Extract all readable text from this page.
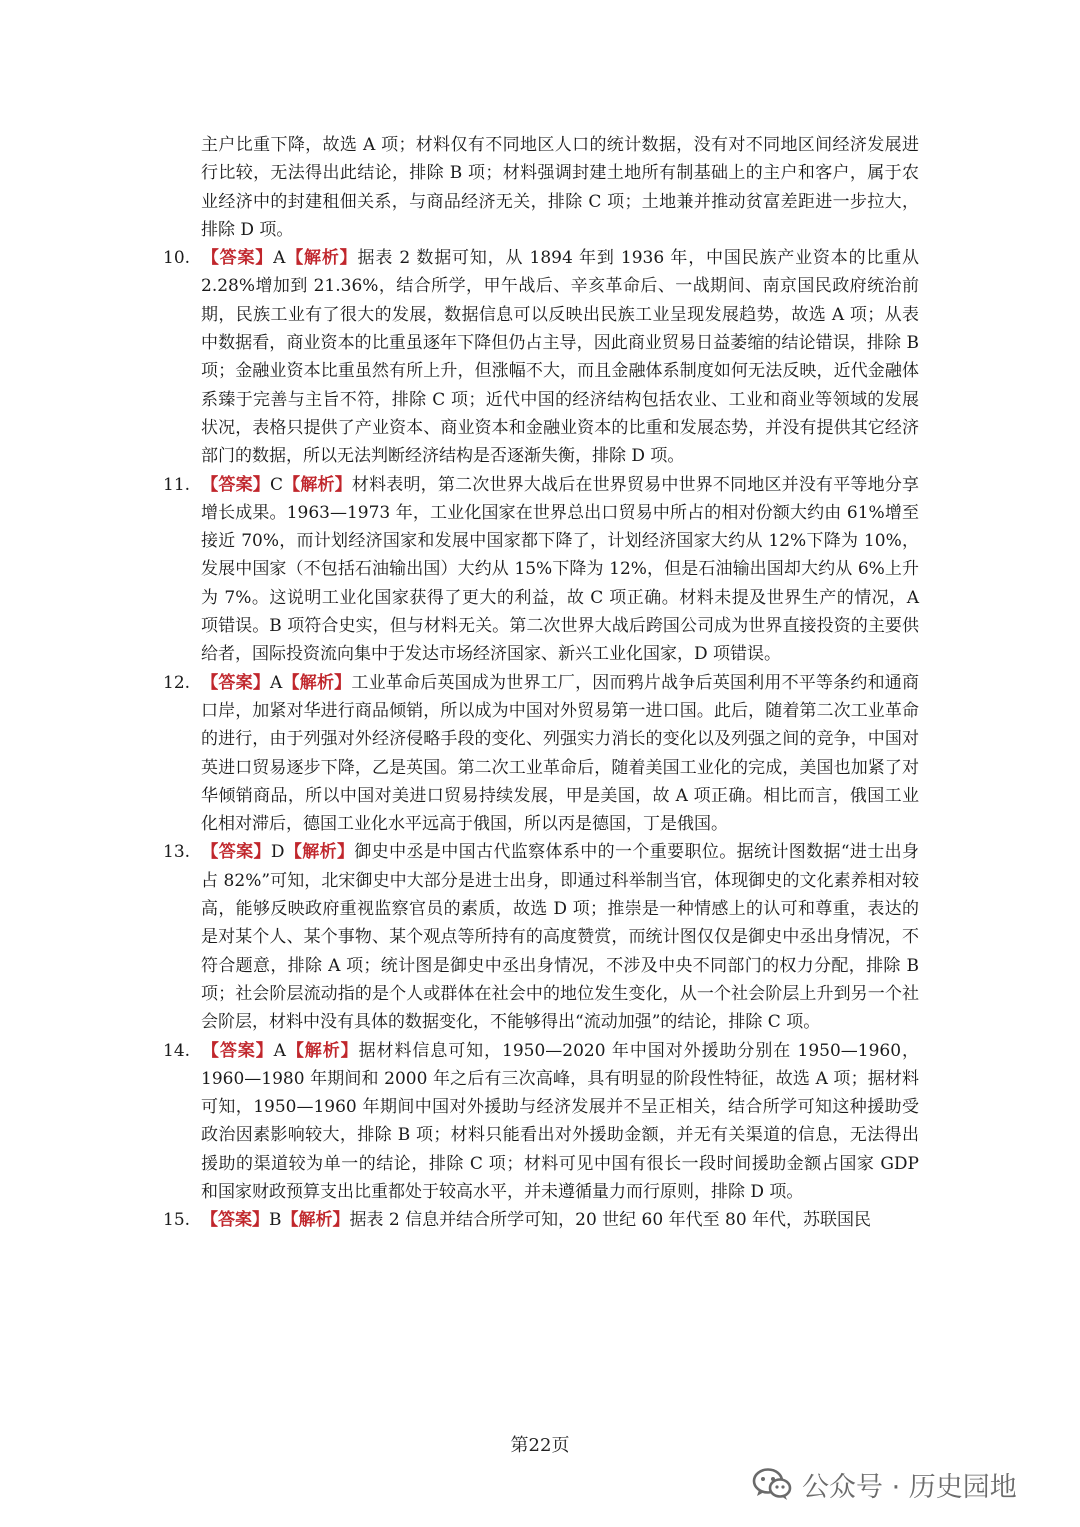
主户比重下降，故选 A 项；材料仅有不同地区人口的统计数据，没有对不同地区间经济发展进行比较，无法得出此结论，排除 B 项；材料强调封建土地所有制基础上的主户和客户，属于农业经济中的封建租佃关系，与商品经济无关，排除 C 项；土地兼并推动贫富差距进一步拉大，排除 D 项。

10. 【答案】A【解析】据表 2 数据可知，从 1894 年到 1936 年，中国民族产业资本的比重从 2.28%增加到 21.36%，结合所学，甲午战后、辛亥革命后、一战期间、南京国民政府统治前期，民族工业有了很大的发展，数据信息可以反映出民族工业呈现发展趋势，故选 A 项；从表中数据看，商业资本的比重虽逐年下降但仍占主导，因此商业贸易日益萎缩的结论错误，排除 B 项；金融业资本比重虽然有所上升，但涨幅不大，而且金融体系制度如何无法反映，近代金融体系臻于完善与主旨不符，排除 C 项；近代中国的经济结构包括农业、工业和商业等领域的发展状况，表格只提供了产业资本、商业资本和金融业资本的比重和发展态势，并没有提供其它经济部门的数据，所以无法判断经济结构是否逐渐失衡，排除 D 项。

11. 【答案】C【解析】材料表明，第二次世界大战后在世界贸易中世界不同地区并没有平等地分享增长成果。1963—1973 年，工业化国家在世界总出口贸易中所占的相对份额大约由 61%增至接近 70%，而计划经济国家和发展中国家都下降了，计划经济国家大约从 12%下降为 10%，发展中国家（不包括石油输出国）大约从 15%下降为 12%，但是石油输出国却大约从 6%上升为 7%。这说明工业化国家获得了更大的利益，故 C 项正确。材料未提及世界生产的情况，A 项错误。B 项符合史实，但与材料无关。第二次世界大战后跨国公司成为世界直接投资的主要供给者，国际投资流向集中于发达市场经济国家、新兴工业化国家，D 项错误。

12. 【答案】A【解析】工业革命后英国成为世界工厂，因而鸦片战争后英国利用不平等条约和通商口岸，加紧对华进行商品倾销，所以成为中国对外贸易第一进口国。此后，随着第二次工业革命的进行，由于列强对外经济侵略手段的变化、列强实力消长的变化以及列强之间的竞争，中国对英进口贸易逐步下降，乙是英国。第二次工业革命后，随着美国工业化的完成，美国也加紧了对华倾销商品，所以中国对美进口贸易持续发展，甲是美国，故 A 项正确。相比而言，俄国工业化相对滞后，德国工业化水平远高于俄国，所以丙是德国，丁是俄国。

13. 【答案】D【解析】御史中丞是中国古代监察体系中的一个重要职位。据统计图数据“进士出身占 82%”可知，北宋御史中大部分是进士出身，即通过科举制当官，体现御史的文化素养相对较高，能够反映政府重视监察官员的素质，故选 D 项；推崇是一种情感上的认可和尊重，表达的是对某个人、某个事物、某个观点等所持有的高度赞赏，而统计图仅仅是御史中丞出身情况，不符合题意，排除 A 项；统计图是御史中丞出身情况，不涉及中央不同部门的权力分配，排除 B 项；社会阶层流动指的是个人或群体在社会中的地位发生变化，从一个社会阶层上升到另一个社会阶层，材料中没有具体的数据变化，不能够得出“流动加强”的结论，排除 C 项。

14. 【答案】A【解析】据材料信息可知，1950—2020 年中国对外援助分别在 1950—1960，1960—1980 年期间和 2000 年之后有三次高峰，具有明显的阶段性特征，故选 A 项；据材料可知，1950—1960 年期间中国对外援助与经济发展并不呈正相关，结合所学可知这种援助受政治因素影响较大，排除 B 项；材料只能看出对外援助金额，并无有关渠道的信息，无法得出援助的渠道较为单一的结论，排除 C 项；材料可见中国有很长一段时间援助金额占国家 GDP 和国家财政预算支出比重都处于较高水平，并未遵循量力而行原则，排除 D 项。

15. 【答案】B【解析】据表 2 信息并结合所学可知，20 世纪 60 年代至 80 年代，苏联国民

第22页
公众号 · 历史园地
